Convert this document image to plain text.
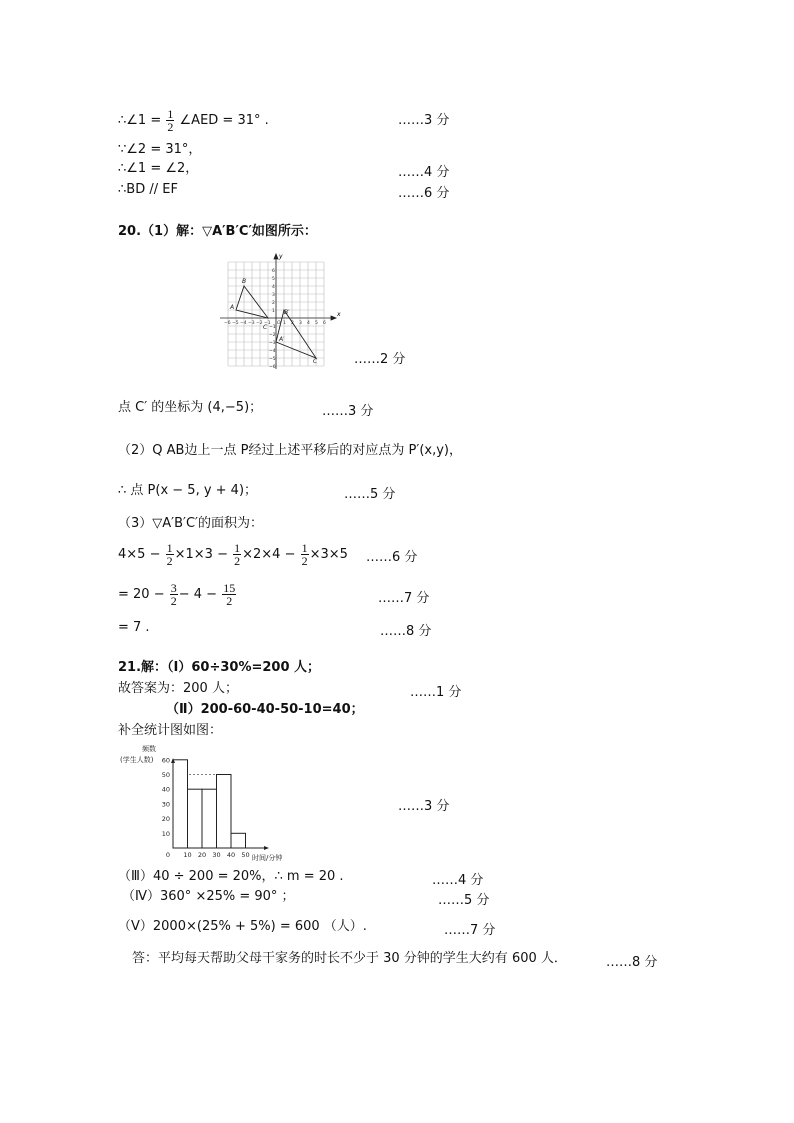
∴∠1 = $\frac{1}{2}$ ∠AED = 31° .	……3 分
∵∠2 = 31°，
∴∠1 = ∠2，	……4 分
∴BD // EF	……6 分
20.（1）解：▽A′B′C′如图所示：
x
y
−6 −5 −4 −3 −2 −1 O 1 2 3 4 5 6
6
5
4
3
2
1
−1
−2
−3
−4
−5
−6
A
B
C
B′
A′
C	……2 分
点 C′ 的坐标为 (4,−5)；	……3 分
（2）Q AB边上一点 P经过上述平移后的对应点为 P′(x,y)，
∴ 点 P(x − 5, y + 4)；	……5 分
（3）▽A′B′C′的面积为：
$4\times 5 - \frac{1}{2} \times 1\times 3 - \frac{1}{2} \times 2\times 4 - \frac{1}{2} \times 3\times 5$ ……6 分
= $20 - \frac{3}{2} - 4 - \frac{15}{2}$	……7 分
= 7 .	……8 分
21.解：（Ⅰ）60÷30%=200 人；
故答案为：200 人；	……1 分
（Ⅱ）200-60-40-50-10=40；
补全统计图如图：
频数
(学生人数)
时间/分钟
10
20
30
40
50
60
0 10 20 30 40 50
……3 分
（Ⅲ）40 ÷ 200 = 20%，∴ m = 20 .	……4 分
（Ⅳ）360° ×25% = 90° ；	……5 分
（Ⅴ）2000×(25% + 5%) = 600 （人）.	……7 分
答：平均每天帮助父母干家务的时长不少于 30 分钟的学生大约有 600 人．	……8 分
